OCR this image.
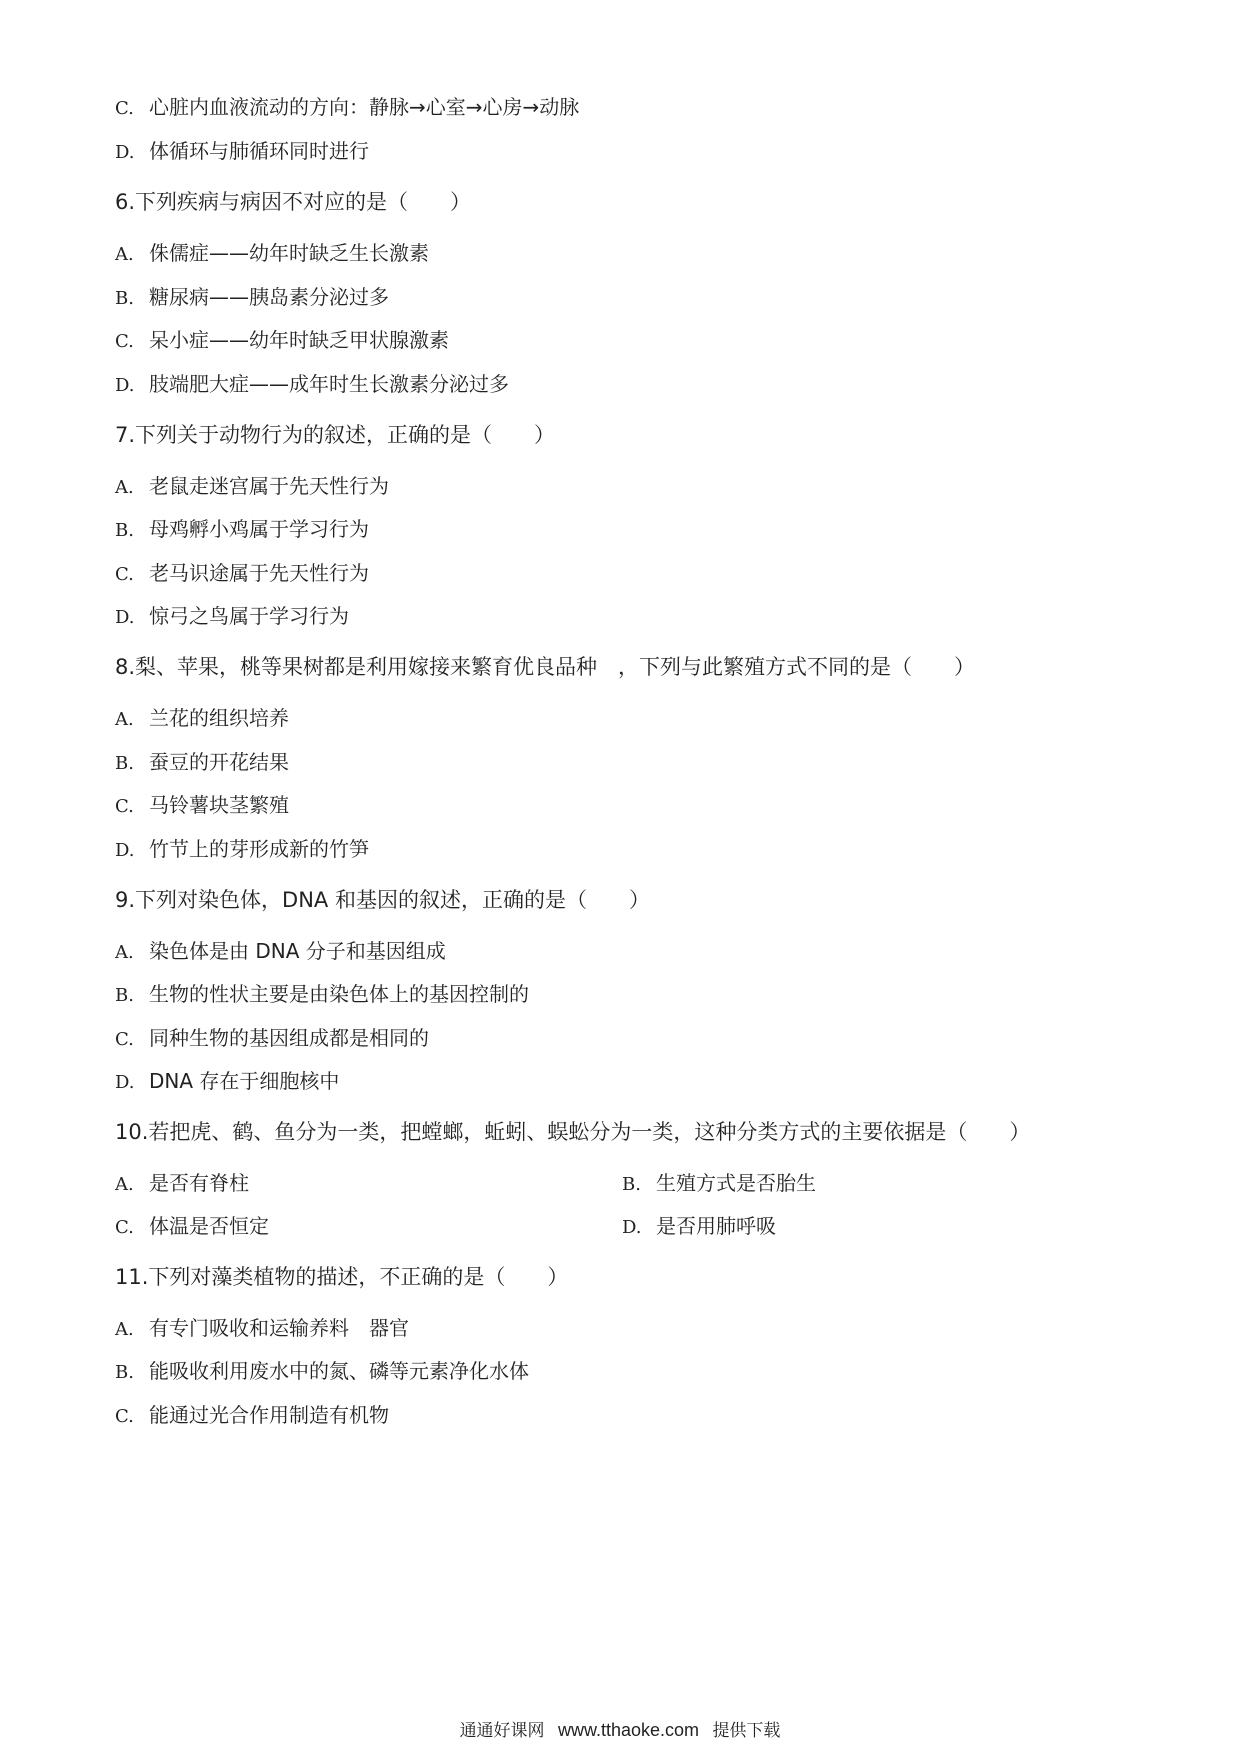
C. 心脏内血液流动的方向：静脉→心室→心房→动脉
D. 体循环与肺循环同时进行
6.下列疾病与病因不对应的是（　　）
A. 侏儒症——幼年时缺乏生长激素
B. 糖尿病——胰岛素分泌过多
C. 呆小症——幼年时缺乏甲状腺激素
D. 肢端肥大症——成年时生长激素分泌过多
7.下列关于动物行为的叙述，正确的是（　　）
A. 老鼠走迷宫属于先天性行为
B. 母鸡孵小鸡属于学习行为
C. 老马识途属于先天性行为
D. 惊弓之鸟属于学习行为
8.梨、苹果，桃等果树都是利用嫁接来繁育优良品种　，下列与此繁殖方式不同的是（　　）
A. 兰花的组织培养
B. 蚕豆的开花结果
C. 马铃薯块茎繁殖
D. 竹节上的芽形成新的竹笋
9.下列对染色体，DNA 和基因的叙述，正确的是（　　）
A. 染色体是由 DNA 分子和基因组成
B. 生物的性状主要是由染色体上的基因控制的
C. 同种生物的基因组成都是相同的
D. DNA 存在于细胞核中
10.若把虎、鹤、鱼分为一类，把螳螂，蚯蚓、蜈蚣分为一类，这种分类方式的主要依据是（　　）
A. 是否有脊柱	B. 生殖方式是否胎生
C. 体温是否恒定	D. 是否用肺呼吸
11.下列对藻类植物的描述，不正确的是（　　）
A. 有专门吸收和运输养料　器官
B. 能吸收利用废水中的氮、磷等元素净化水体
C. 能通过光合作用制造有机物
通通好课网 www.tthaoke.com 提供下载
